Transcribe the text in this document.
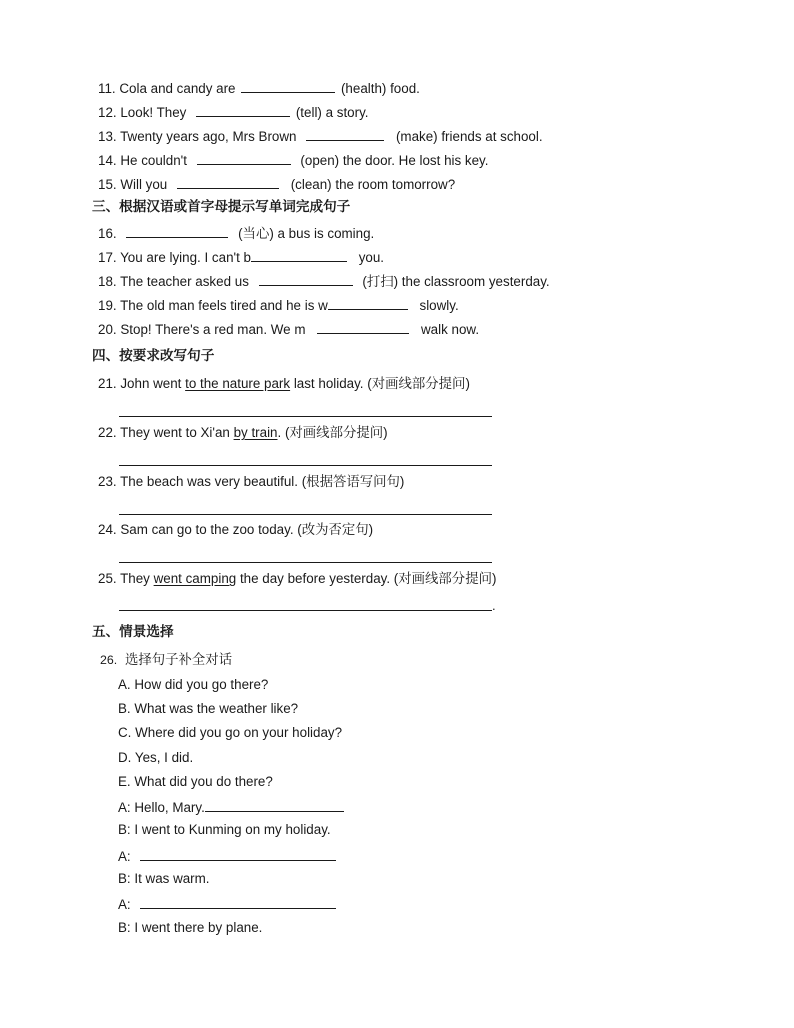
11. Cola and candy are	(health) food.
12. Look! They	(tell) a story.
13. Twenty years ago, Mrs Brown	(make) friends at school.
14. He couldn't	(open) the door. He lost his key.
15. Will you	(clean) the room tomorrow?
三、根据汉语或首字母提示写单词完成句子
16.	(当心) a bus is coming.
17. You are lying. I can't b	you.
18. The teacher asked us	(打扫) the classroom yesterday.
19. The old man feels tired and he is w	slowly.
20. Stop! There's a red man. We m	walk now.
四、按要求改写句子
21. John went to the nature park last holiday. (对画线部分提问)
22. They went to Xi'an by train. (对画线部分提问)
23. The beach was very beautiful. (根据答语写问句)
24. Sam can go to the zoo today. (改为否定句)
25. They went camping the day before yesterday. (对画线部分提问)
.
五、情景选择
26. 选择句子补全对话
A. How did you go there?
B. What was the weather like?
C. Where did you go on your holiday?
D. Yes, I did.
E. What did you do there?
A: Hello, Mary.
B: I went to Kunming on my holiday.
A:
B: It was warm.
A:
B: I went there by plane.
